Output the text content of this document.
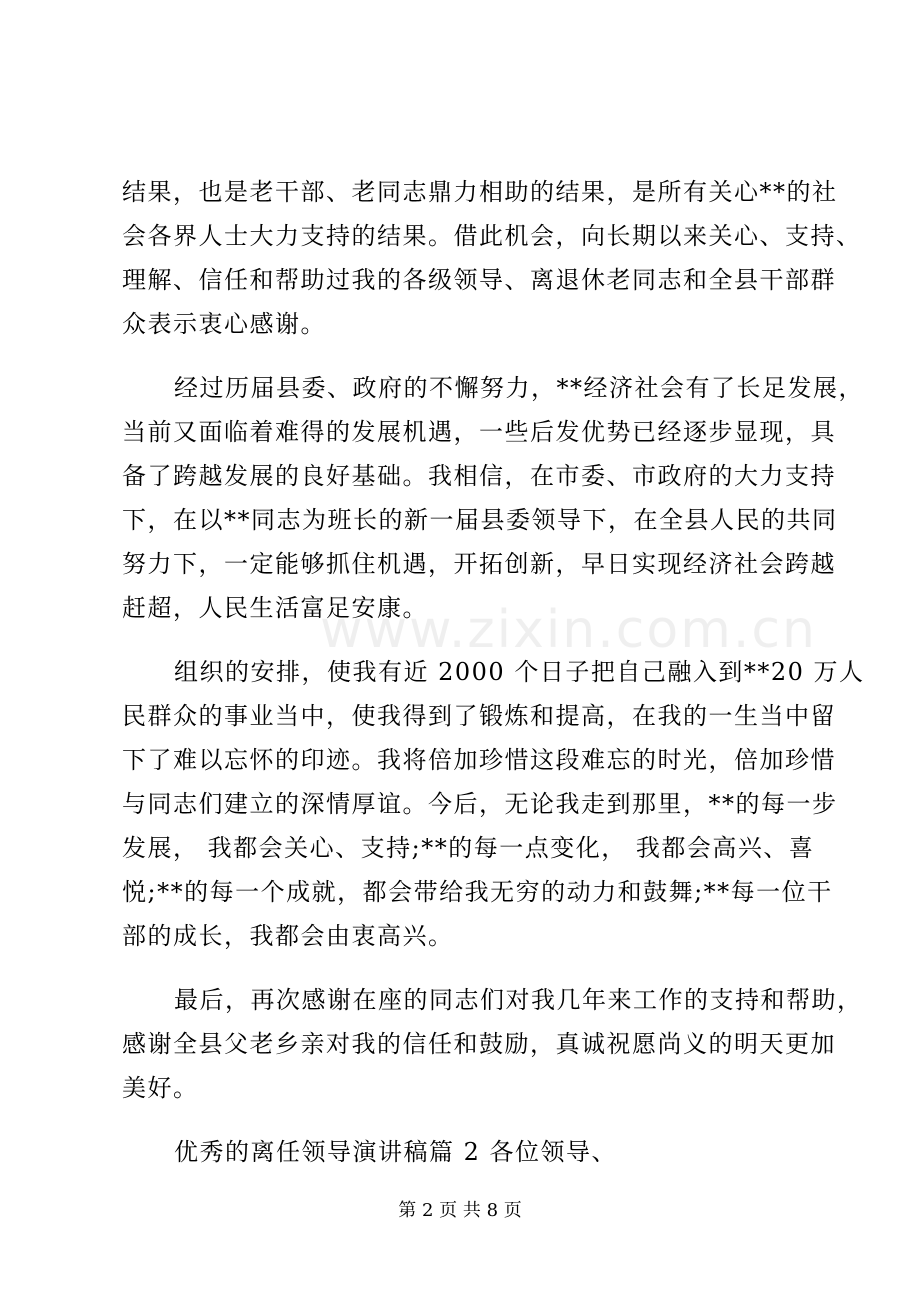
www.zixin.com.cn
结果，也是老干部、老同志鼎力相助的结果，是所有关心**的社
会各界人士大力支持的结果。借此机会，向长期以来关心、支持、
理解、信任和帮助过我的各级领导、离退休老同志和全县干部群
众表示衷心感谢。
经过历届县委、政府的不懈努力，**经济社会有了长足发展，
当前又面临着难得的发展机遇，一些后发优势已经逐步显现，具
备了跨越发展的良好基础。我相信，在市委、市政府的大力支持
下，在以**同志为班长的新一届县委领导下，在全县人民的共同
努力下，一定能够抓住机遇，开拓创新，早日实现经济社会跨越
赶超，人民生活富足安康。
组织的安排，使我有近 2000 个日子把自己融入到**20 万人
民群众的事业当中，使我得到了锻炼和提高，在我的一生当中留
下了难以忘怀的印迹。我将倍加珍惜这段难忘的时光，倍加珍惜
与同志们建立的深情厚谊。今后，无论我走到那里，**的每一步
发展， 我都会关心、支持;**的每一点变化， 我都会高兴、喜
悦;**的每一个成就，都会带给我无穷的动力和鼓舞;**每一位干
部的成长，我都会由衷高兴。
最后，再次感谢在座的同志们对我几年来工作的支持和帮助，
感谢全县父老乡亲对我的信任和鼓励，真诚祝愿尚义的明天更加
美好。
优秀的离任领导演讲稿篇 2 各位领导、
第 2 页 共 8 页
